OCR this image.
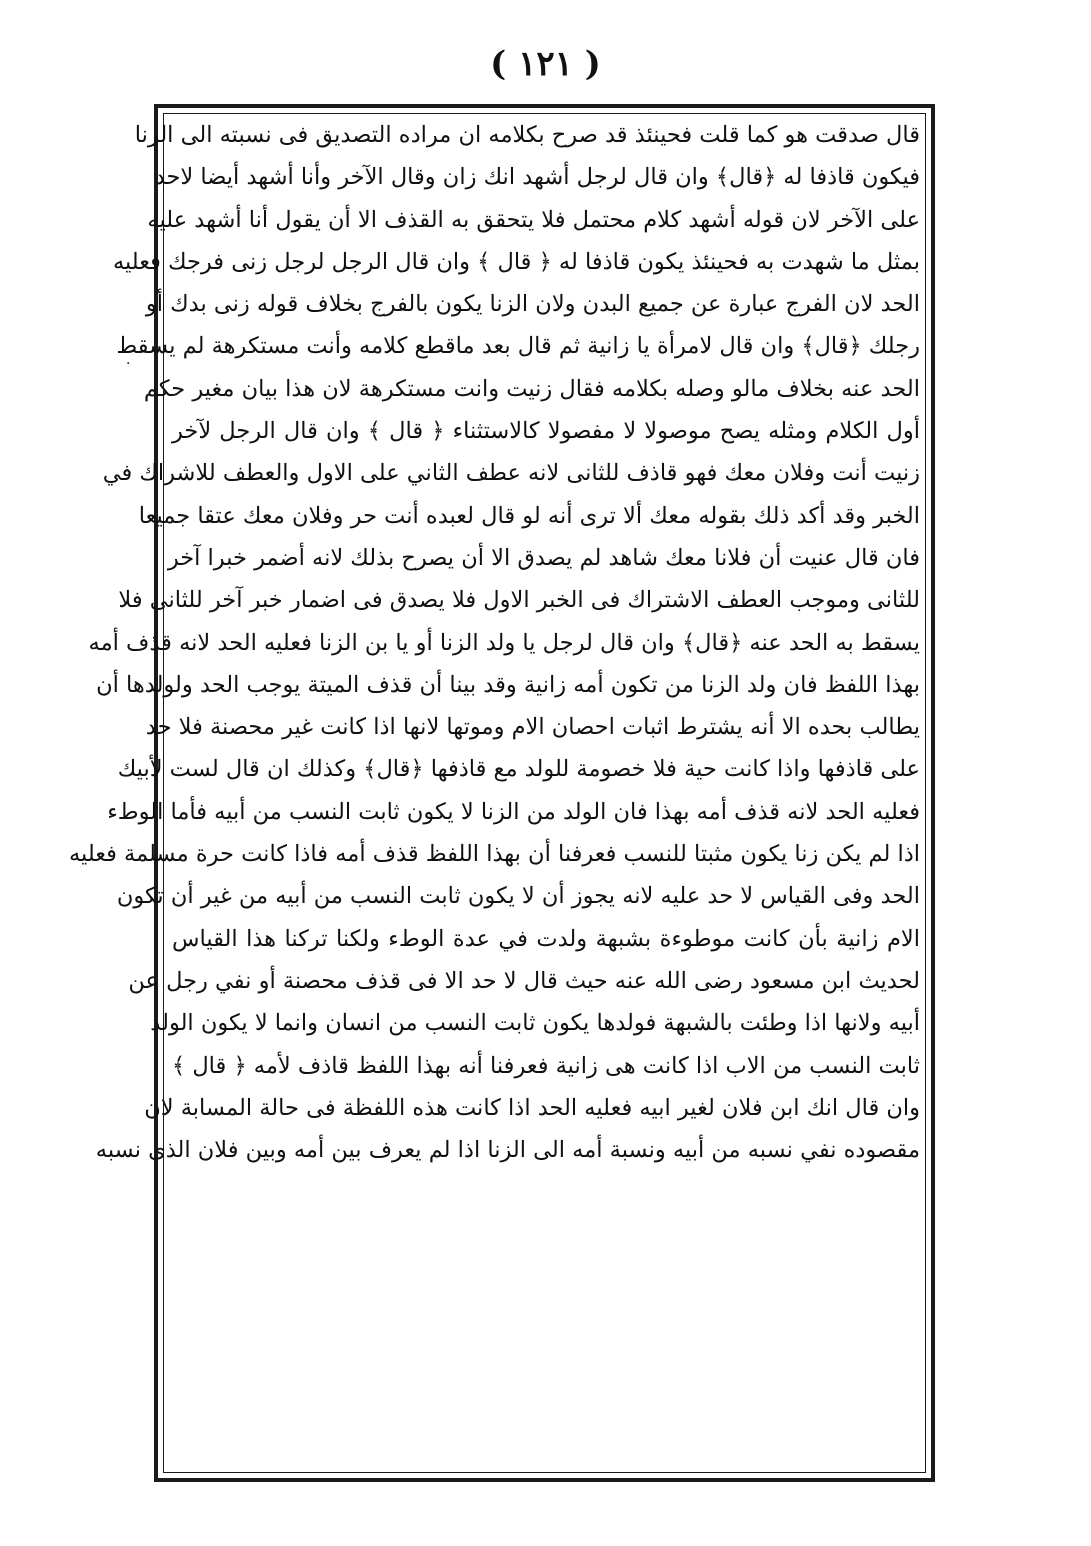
( ١٢١ )
·
قال صدقت هو كما قلت فحينئذ قد صرح بكلامه ان مراده التصديق فى نسبته الى الزنا
فيكون قاذفا له ﴿قال﴾ وان قال لرجل أشهد انك زان وقال الآخر وأنا أشهد أيضا لاحد
على الآخر لان قوله أشهد كلام محتمل فلا يتحقق به القذف الا أن يقول أنا أشهد عليه
بمثل ما شهدت به فحينئذ يكون قاذفا له ﴿ قال ﴾ وان قال الرجل لرجل زنى فرجك فعليه
الحد لان الفرج عبارة عن جميع البدن ولان الزنا يكون بالفرج بخلاف قوله زنى بدك أو
رجلك ﴿قال﴾ وان قال لامرأة يا زانية ثم قال بعد ماقطع كلامه وأنت مستكرهة لم يسقط
الحد عنه بخلاف مالو وصله بكلامه فقال زنيت وانت مستكرهة لان هذا بيان مغير حكم
أول الكلام ومثله يصح موصولا لا مفصولا كالاستثناء ﴿ قال ﴾ وان قال الرجل لآخر
زنيت أنت وفلان معك فهو قاذف للثانى لانه عطف الثاني على الاول والعطف للاشراك في
الخبر وقد أكد ذلك بقوله معك ألا ترى أنه لو قال لعبده أنت حر وفلان معك عتقا جميعا
فان قال عنيت أن فلانا معك شاهد لم يصدق الا أن يصرح بذلك لانه أضمر خبرا آخر
للثانى وموجب العطف الاشتراك فى الخبر الاول فلا يصدق فى اضمار خبر آخر للثانى فلا
يسقط به الحد عنه ﴿قال﴾ وان قال لرجل يا ولد الزنا أو يا بن الزنا فعليه الحد لانه قذف أمه
بهذا اللفظ فان ولد الزنا من تكون أمه زانية وقد بينا أن قذف الميتة يوجب الحد ولولدها أن
يطالب بحده الا أنه يشترط اثبات احصان الام وموتها لانها اذا كانت غير محصنة فلا حد
على قاذفها واذا كانت حية فلا خصومة للولد مع قاذفها ﴿قال﴾ وكذلك ان قال لست لأبيك
فعليه الحد لانه قذف أمه بهذا فان الولد من الزنا لا يكون ثابت النسب من أبيه فأما الوطء
اذا لم يكن زنا يكون مثبتا للنسب فعرفنا أن بهذا اللفظ قذف أمه فاذا كانت حرة مسلمة فعليه
الحد وفى القياس لا حد عليه لانه يجوز أن لا يكون ثابت النسب من أبيه من غير أن تكون
الام زانية بأن كانت موطوءة بشبهة ولدت في عدة الوطء ولكنا تركنا هذا القياس
لحديث ابن مسعود رضى الله عنه حيث قال لا حد الا فى قذف محصنة أو نفي رجل عن
أبيه ولانها اذا وطئت بالشبهة فولدها يكون ثابت النسب من انسان وانما لا يكون الولد
ثابت النسب من الاب اذا كانت هى زانية فعرفنا أنه بهذا اللفظ قاذف لأمه ﴿ قال ﴾
وان قال انك ابن فلان لغير ابيه فعليه الحد اذا كانت هذه اللفظة فى حالة المسابة لان
مقصوده نفي نسبه من أبيه ونسبة أمه الى الزنا اذا لم يعرف بين أمه وبين فلان الذى نسبه
